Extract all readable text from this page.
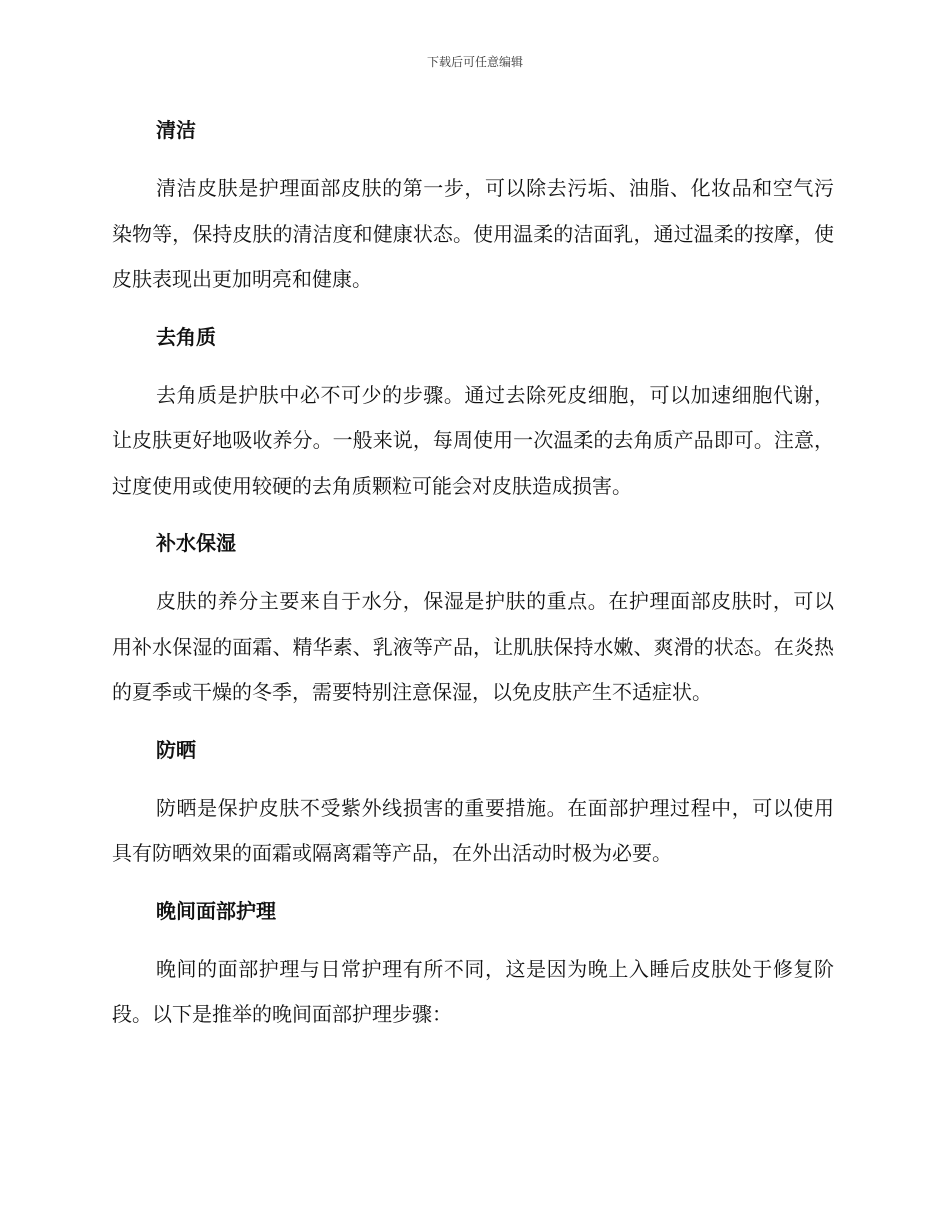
下载后可任意编辑
清洁

清洁皮肤是护理面部皮肤的第一步，可以除去污垢、油脂、化妆品和空气污染物等，保持皮肤的清洁度和健康状态。使用温柔的洁面乳，通过温柔的按摩，使皮肤表现出更加明亮和健康。

去角质

去角质是护肤中必不可少的步骤。通过去除死皮细胞，可以加速细胞代谢，让皮肤更好地吸收养分。一般来说，每周使用一次温柔的去角质产品即可。注意，过度使用或使用较硬的去角质颗粒可能会对皮肤造成损害。

补水保湿

皮肤的养分主要来自于水分，保湿是护肤的重点。在护理面部皮肤时，可以用补水保湿的面霜、精华素、乳液等产品，让肌肤保持水嫩、爽滑的状态。在炎热的夏季或干燥的冬季，需要特别注意保湿，以免皮肤产生不适症状。

防晒

防晒是保护皮肤不受紫外线损害的重要措施。在面部护理过程中，可以使用具有防晒效果的面霜或隔离霜等产品，在外出活动时极为必要。

晚间面部护理

晚间的面部护理与日常护理有所不同，这是因为晚上入睡后皮肤处于修复阶段。以下是推举的晚间面部护理步骤：
